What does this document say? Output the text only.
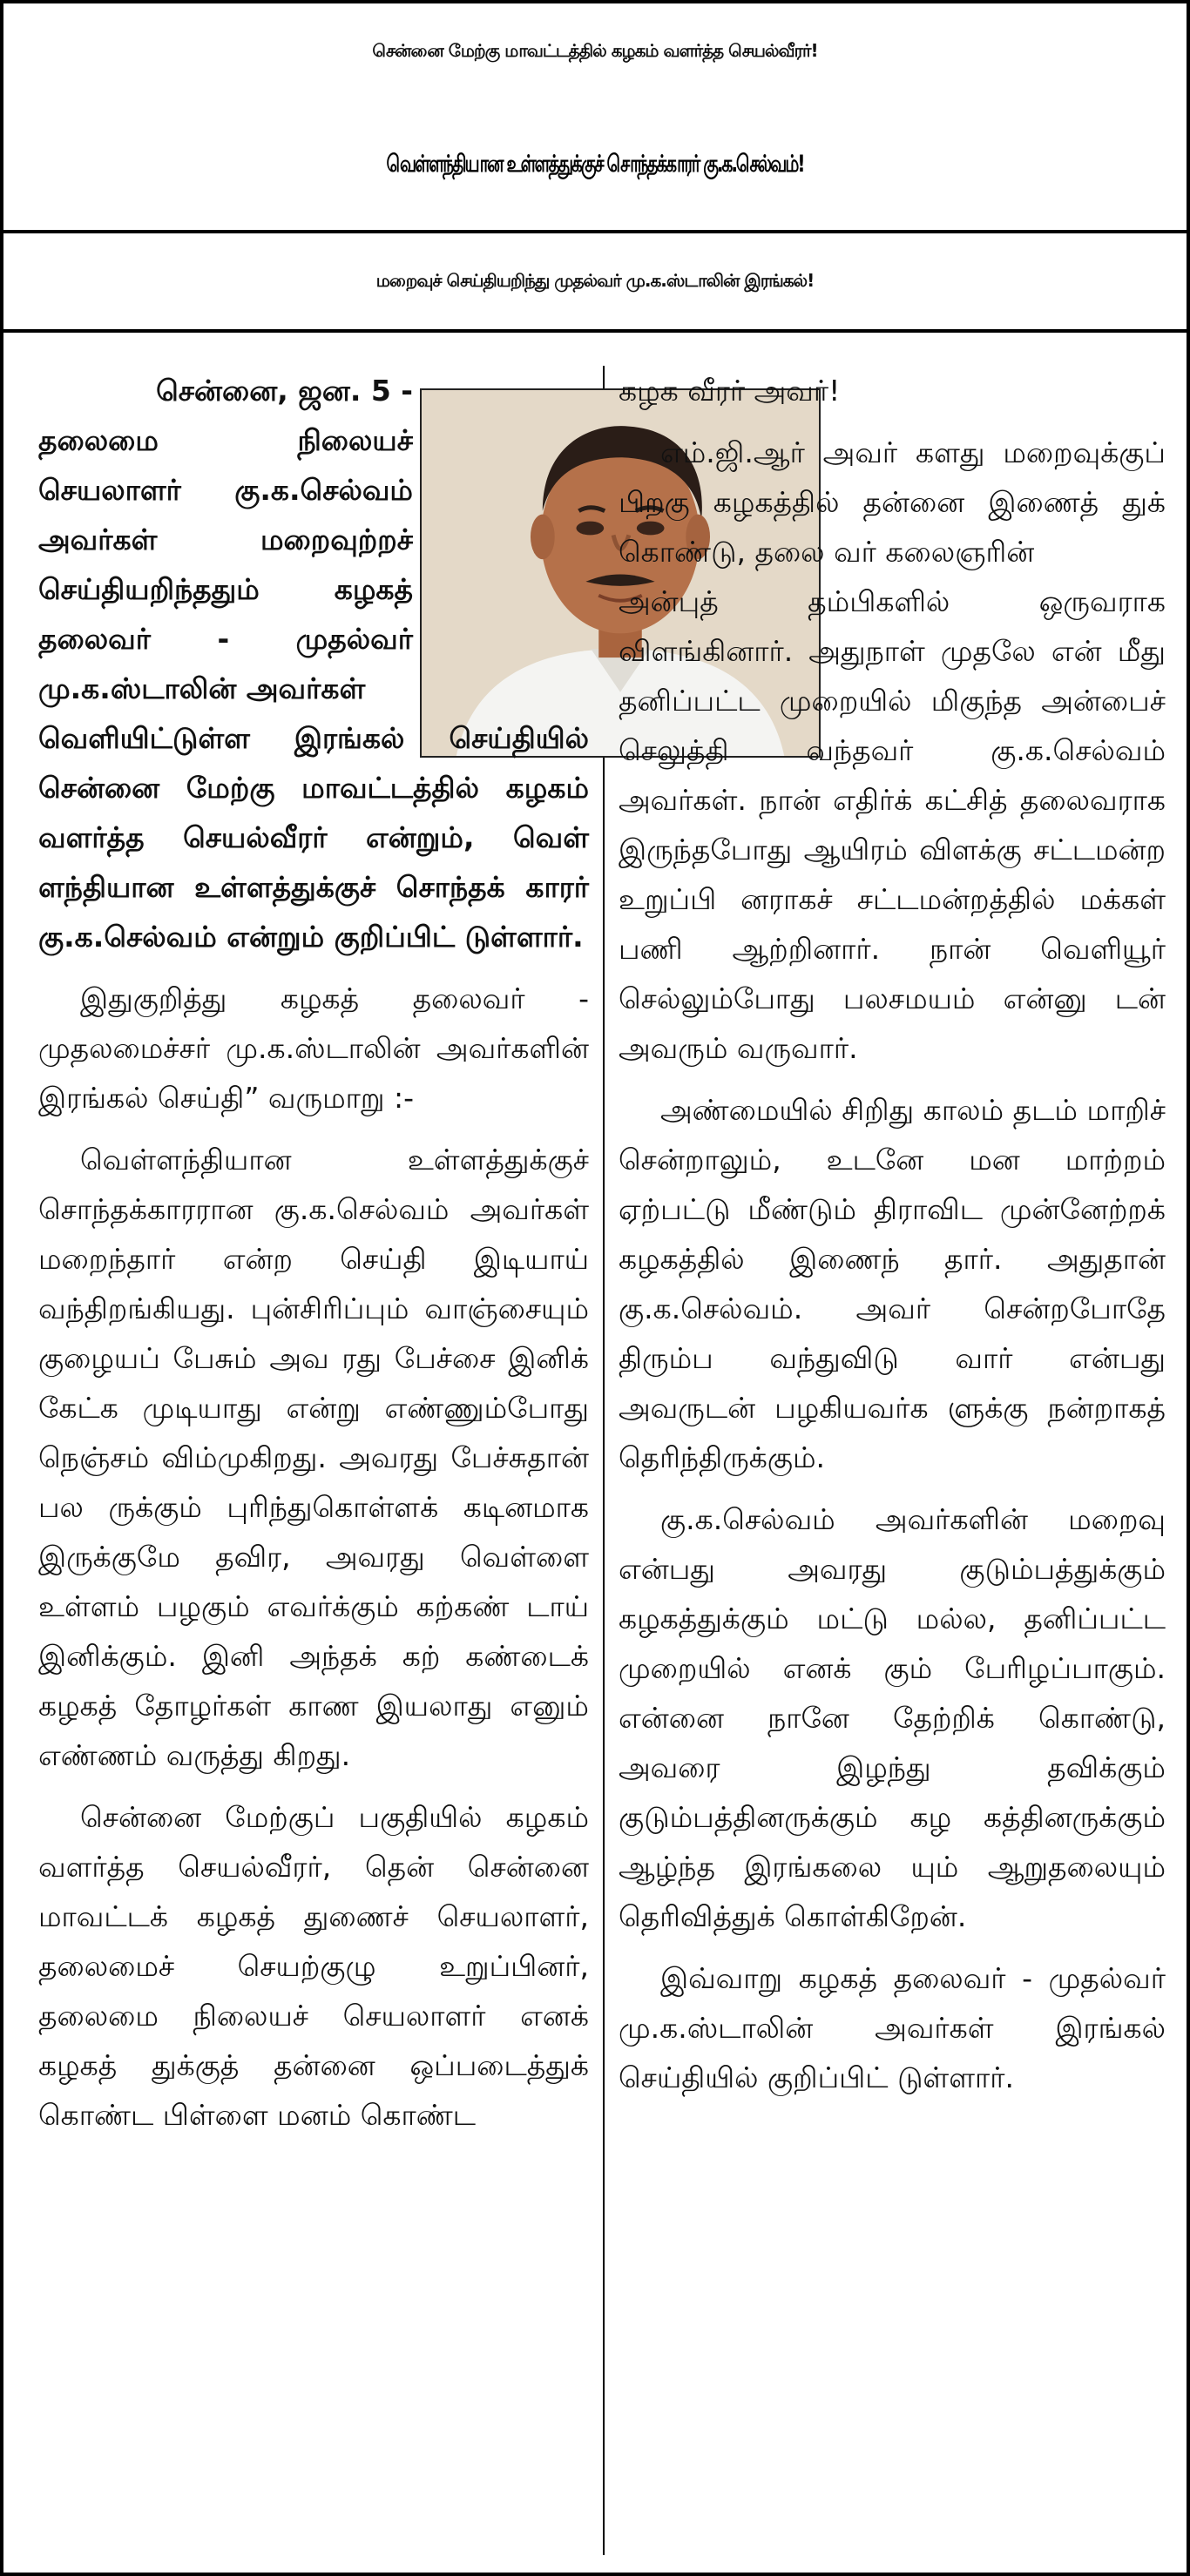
சென்னை மேற்கு மாவட்டத்தில் கழகம் வளர்த்த செயல்வீரர்!
வெள்ளந்தியான உள்ளத்துக்குச் சொந்தக்காரர் கு.க.செல்வம்!
மறைவுச் செய்தியறிந்து முதல்வர் மு.க.ஸ்டாலின் இரங்கல்!

சென்னை, ஜன. 5 -

தலைமை நிலையச் செயலாளர் கு.க.செல்வம் அவர்கள் மறைவுற்றச் செய்தியறிந்ததும் கழகத் தலைவர் - முதல்வர் மு.க.ஸ்டாலின் அவர்கள்

வெளியிட்டுள்ள இரங்கல் செய்தியில் சென்னை மேற்கு மாவட்டத்தில் கழகம் வளர்த்த செயல்வீரர் என்றும், வெள் ளந்தியான உள்ளத்துக்குச் சொந்தக் காரர் கு.க.செல்வம் என்றும் குறிப்பிட் டுள்ளார்.

இதுகுறித்து கழகத் தலைவர் - முதலமைச்சர் மு.க.ஸ்டாலின் அவர்களின் இரங்கல் செய்தி” வருமாறு :-

வெள்ளந்தியான உள்ளத்துக்குச் சொந்தக்காரரான கு.க.செல்வம் அவர்கள் மறைந்தார் என்ற செய்தி இடியாய் வந்திறங்கியது. புன்சிரிப்பும் வாஞ்சையும் குழையப் பேசும் அவ ரது பேச்சை இனிக் கேட்க முடியாது என்று எண்ணும்போது நெஞ்சம் விம்முகிறது. அவரது பேச்சுதான் பல ருக்கும் புரிந்துகொள்ளக் கடினமாக இருக்குமே தவிர, அவரது வெள்ளை உள்ளம் பழகும் எவர்க்கும் கற்கண் டாய் இனிக்கும். இனி அந்தக் கற் கண்டைக் கழகத் தோழர்கள் காண இயலாது எனும் எண்ணம் வருத்து கிறது.

சென்னை மேற்குப் பகுதியில் கழகம் வளர்த்த செயல்வீரர், தென் சென்னை மாவட்டக் கழகத் துணைச் செயலாளர், தலைமைச் செயற்குழு உறுப்பினர், தலைமை நிலையச் செயலாளர் எனக் கழகத் துக்குத் தன்னை ஒப்படைத்துக் கொண்ட பிள்ளை மனம் கொண்ட

கழக வீரர் அவர்!

எம்.ஜி.ஆர் அவர் களது மறைவுக்குப் பிறகு கழகத்தில் தன்னை இணைத் துக் கொண்டு, தலை வர் கலைஞரின்

அன்புத் தம்பிகளில் ஒருவராக விளங்கினார். அதுநாள் முதலே என் மீது தனிப்பட்ட முறையில் மிகுந்த அன்பைச் செலுத்தி வந்தவர் கு.க.செல்வம் அவர்கள். நான் எதிர்க் கட்சித் தலைவராக இருந்தபோது ஆயிரம் விளக்கு சட்டமன்ற உறுப்பி னராகச் சட்டமன்றத்தில் மக்கள் பணி ஆற்றினார். நான் வெளியூர் செல்லும்போது பலசமயம் என்னு டன் அவரும் வருவார்.

அண்மையில் சிறிது காலம் தடம் மாறிச் சென்றாலும், உடனே மன மாற்றம் ஏற்பட்டு மீண்டும் திராவிட முன்னேற்றக் கழகத்தில் இணைந் தார். அதுதான் கு.க.செல்வம். அவர் சென்றபோதே திரும்ப வந்துவிடு வார் என்பது அவருடன் பழகியவர்க ளுக்கு நன்றாகத் தெரிந்திருக்கும்.

கு.க.செல்வம் அவர்களின் மறைவு என்பது அவரது குடும்பத்துக்கும் கழகத்துக்கும் மட்டு மல்ல, தனிப்பட்ட முறையில் எனக் கும் பேரிழப்பாகும். என்னை நானே தேற்றிக் கொண்டு, அவரை இழந்து தவிக்கும் குடும்பத்தினருக்கும் கழ கத்தினருக்கும் ஆழ்ந்த இரங்கலை யும் ஆறுதலையும் தெரிவித்துக் கொள்கிறேன்.

இவ்வாறு கழகத் தலைவர் - முதல்வர் மு.க.ஸ்டாலின் அவர்கள் இரங்கல் செய்தியில் குறிப்பிட் டுள்ளார்.
